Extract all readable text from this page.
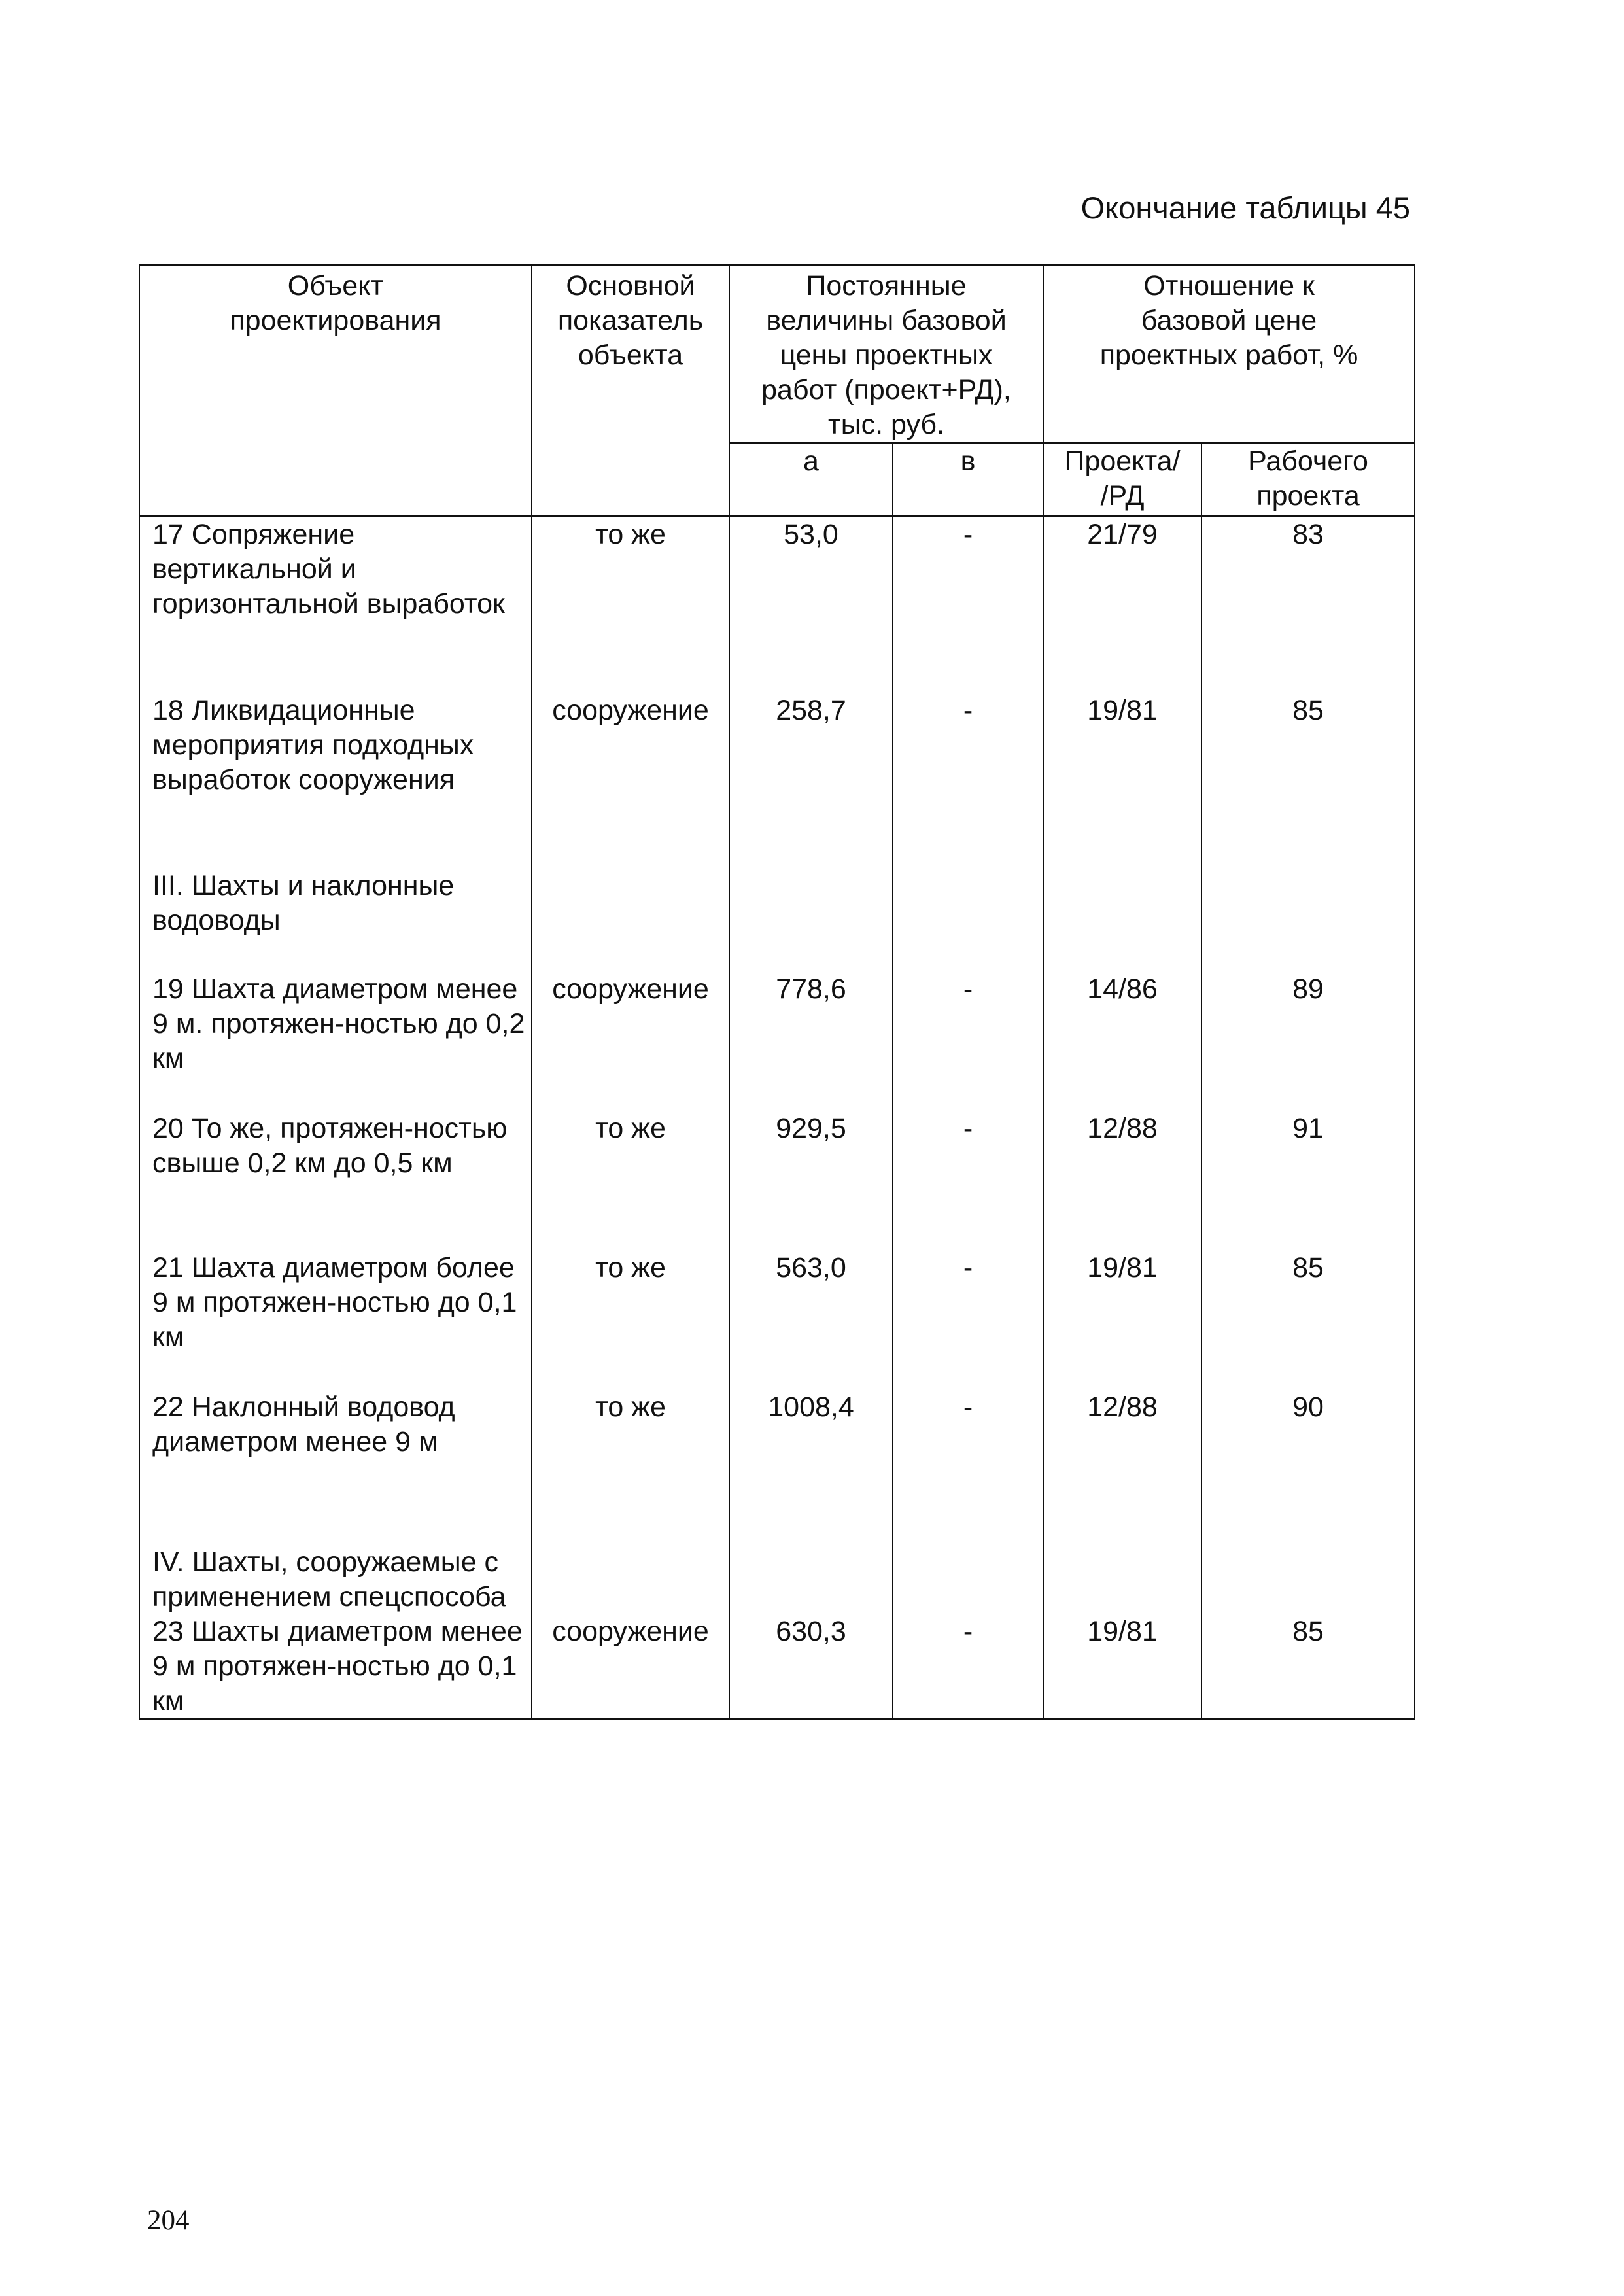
Окончание таблицы 45
Объект проектирования	Основной показатель объекта	Постоянные величины базовой цены проектных работ (проект+РД), тыс. руб.		Отношение к базовой цене проектных работ, %	
		а	в	Проекта/ /РД	Рабочего проекта
17 Сопряжение вертикальной и горизонтальной выработок	то же	53,0	-	21/79	83
18 Ликвидационные мероприятия подходных выработок сооружения	сооружение	258,7	-	19/81	85
III. Шахты и наклонные водоводы					
19 Шахта диаметром менее 9 м. протяжен-ностью до 0,2 км	сооружение	778,6	-	14/86	89
20 То же, протяжен-ностью свыше 0,2 км до 0,5 км	то же	929,5	-	12/88	91
21 Шахта диаметром более 9 м протяжен-ностью до 0,1 км	то же	563,0	-	19/81	85
22 Наклонный водовод диаметром менее 9 м	то же	1008,4	-	12/88	90
IV. Шахты, сооружаемые с применением спецспособа					
23 Шахты диаметром менее 9 м протяжен-ностью до 0,1 км	сооружение	630,3	-	19/81	85
204
